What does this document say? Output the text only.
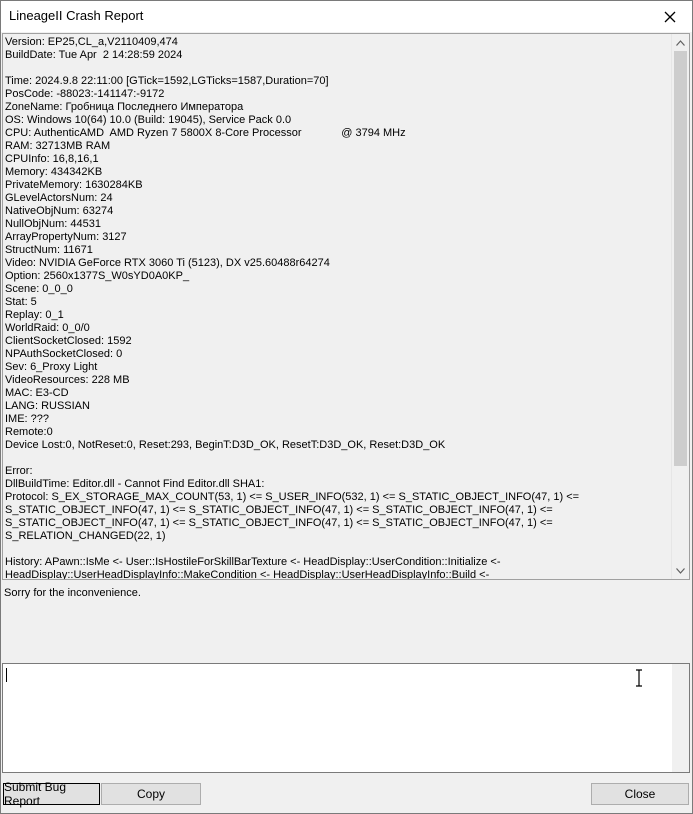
LineageII Crash Report
Version: EP25,CL_a,V2110409,474
BuildDate: Tue Apr  2 14:28:59 2024
Time: 2024.9.8 22:11:00 [GTick=1592,LGTicks=1587,Duration=70]
PosCode: -88023:-141147:-9172
ZoneName: Гробница Последнего Императора
OS: Windows 10(64) 10.0 (Build: 19045), Service Pack 0.0
CPU: AuthenticAMD  AMD Ryzen 7 5800X 8-Core Processor             @ 3794 MHz
RAM: 32713MB RAM
CPUInfo: 16,8,16,1
Memory: 434342KB
PrivateMemory: 1630284KB
GLevelActorsNum: 24
NativeObjNum: 63274
NullObjNum: 44531
ArrayPropertyNum: 3127
StructNum: 11671
Video: NVIDIA GeForce RTX 3060 Ti (5123), DX v25.60488r64274
Option: 2560x1377S_W0sYD0A0KP_
Scene: 0_0_0
Stat: 5
Replay: 0_1
WorldRaid: 0_0/0
ClientSocketClosed: 1592
NPAuthSocketClosed: 0
Sev: 6_Proxy Light
VideoResources: 228 MB
MAC: E3-CD
LANG: RUSSIAN
IME: ???
Remote:0
Device Lost:0, NotReset:0, Reset:293, BeginT:D3D_OK, ResetT:D3D_OK, Reset:D3D_OK
Error:
DllBuildTime: Editor.dll - Cannot Find Editor.dll SHA1:
Protocol: S_EX_STORAGE_MAX_COUNT(53, 1) <= S_USER_INFO(532, 1) <= S_STATIC_OBJECT_INFO(47, 1) <= S_STATIC_OBJECT_INFO(47, 1) <= S_STATIC_OBJECT_INFO(47, 1) <= S_STATIC_OBJECT_INFO(47, 1) <= S_STATIC_OBJECT_INFO(47, 1) <= S_STATIC_OBJECT_INFO(47, 1) <= S_STATIC_OBJECT_INFO(47, 1) <= S_RELATION_CHANGED(22, 1)
History: APawn::IsMe <- User::IsHostileForSkillBarTexture <- HeadDisplay::UserCondition::Initialize <- HeadDisplay::UserHeadDisplayInfo::MakeCondition <- HeadDisplay::UserHeadDisplayInfo::Build <-
Sorry for the inconvenience.
Submit Bug Report	Copy	Close
